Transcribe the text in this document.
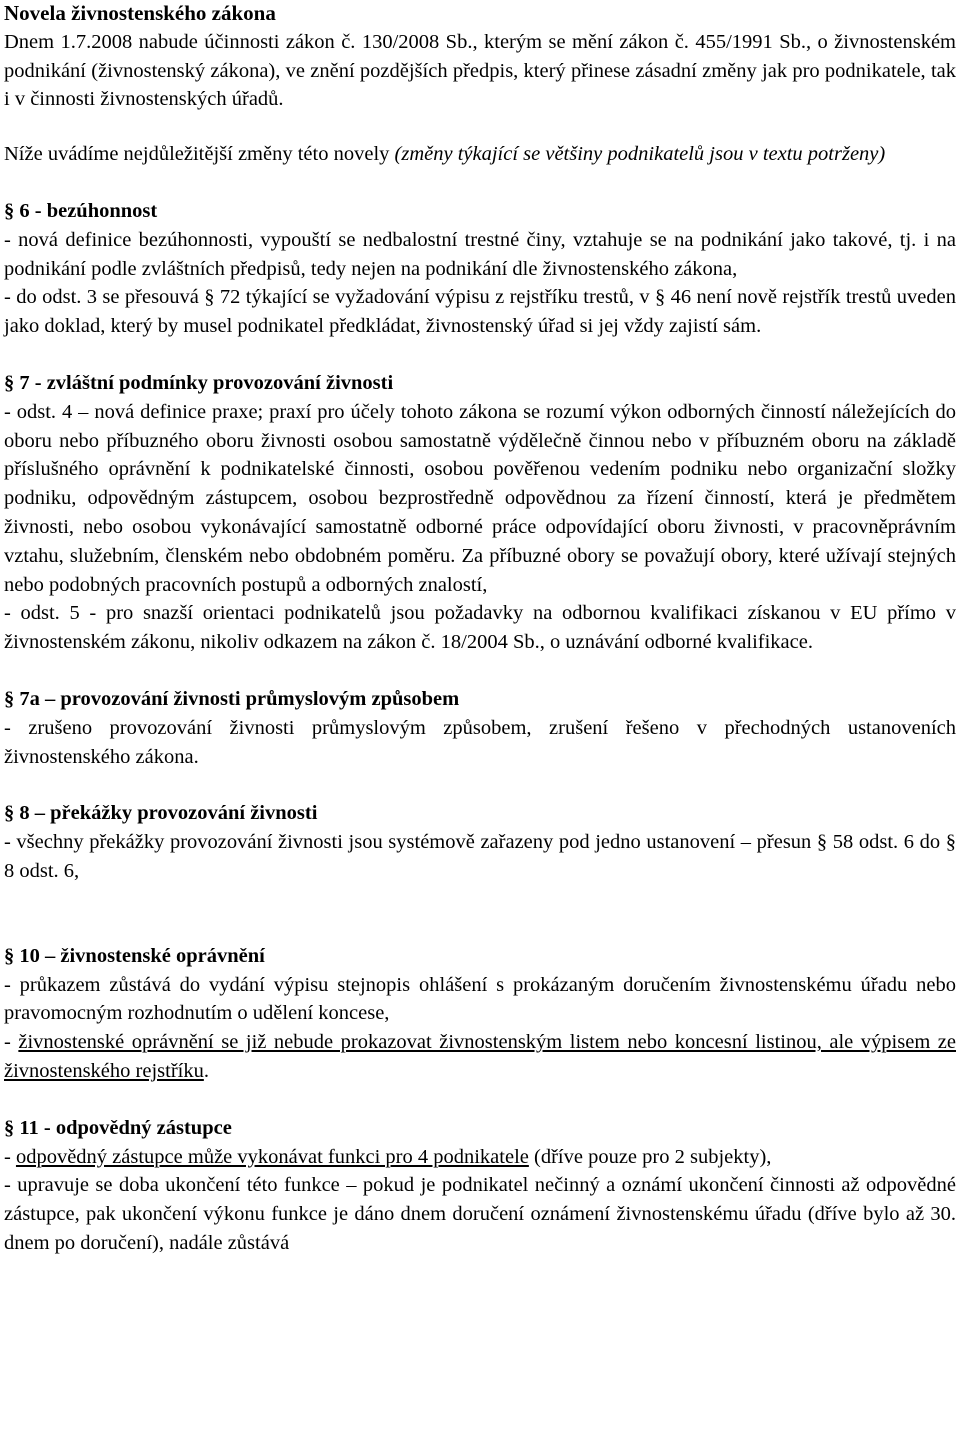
Novela živnostenského zákona

Dnem 1.7.2008 nabude účinnosti zákon č. 130/2008 Sb., kterým se mění zákon č. 455/1991 Sb., o živnostenském podnikání (živnostenský zákona), ve znění pozdějších předpis, který přinese zásadní změny jak pro podnikatele, tak i v činnosti živnostenských úřadů.

Níže uvádíme nejdůležitější změny této novely (změny týkající se většiny podnikatelů jsou v textu potrženy)

§ 6 - bezúhonnost

- nová definice bezúhonnosti, vypouští se nedbalostní trestné činy, vztahuje se na podnikání jako takové, tj. i na podnikání podle zvláštních předpisů, tedy nejen na podnikání dle živnostenského zákona,

- do odst. 3 se přesouvá § 72 týkající se vyžadování výpisu z rejstříku trestů, v § 46 není nově rejstřík trestů uveden jako doklad, který by musel podnikatel předkládat, živnostenský úřad si jej vždy zajistí sám.

§ 7 - zvláštní podmínky provozování živnosti

- odst. 4 – nová definice praxe; praxí pro účely tohoto zákona se rozumí výkon odborných činností náležejících do oboru nebo příbuzného oboru živnosti osobou samostatně výdělečně činnou nebo v příbuzném oboru na základě příslušného oprávnění k podnikatelské činnosti, osobou pověřenou vedením podniku nebo organizační složky podniku, odpovědným zástupcem, osobou bezprostředně odpovědnou za řízení činností, která je předmětem živnosti, nebo osobou vykonávající samostatně odborné práce odpovídající oboru živnosti, v pracovněprávním vztahu, služebním, členském nebo obdobném poměru. Za příbuzné obory se považují obory, které užívají stejných nebo podobných pracovních postupů a odborných znalostí,

- odst. 5 - pro snazší orientaci podnikatelů jsou požadavky na odbornou kvalifikaci získanou v EU přímo v živnostenském zákonu, nikoliv odkazem na zákon č. 18/2004 Sb., o uznávání odborné kvalifikace.

§ 7a – provozování živnosti průmyslovým způsobem

- zrušeno provozování živnosti průmyslovým způsobem, zrušení řešeno v přechodných ustanoveních živnostenského zákona.

§ 8 – překážky provozování živnosti

- všechny překážky provozování živnosti jsou systémově zařazeny pod jedno ustanovení – přesun § 58 odst. 6 do § 8 odst. 6,

§ 10 – živnostenské oprávnění

- průkazem zůstává do vydání výpisu stejnopis ohlášení s prokázaným doručením živnostenskému úřadu nebo pravomocným rozhodnutím o udělení koncese,

- živnostenské oprávnění se již nebude prokazovat živnostenským listem nebo koncesní listinou, ale výpisem ze živnostenského rejstříku.

§ 11 - odpovědný zástupce

- odpovědný zástupce může vykonávat funkci pro 4 podnikatele (dříve pouze pro 2 subjekty),

- upravuje se doba ukončení této funkce – pokud je podnikatel nečinný a oznámí ukončení činnosti až odpovědné zástupce, pak ukončení výkonu funkce je dáno dnem doručení oznámení živnostenskému úřadu (dříve bylo až 30. dnem po doručení), nadále zůstává
